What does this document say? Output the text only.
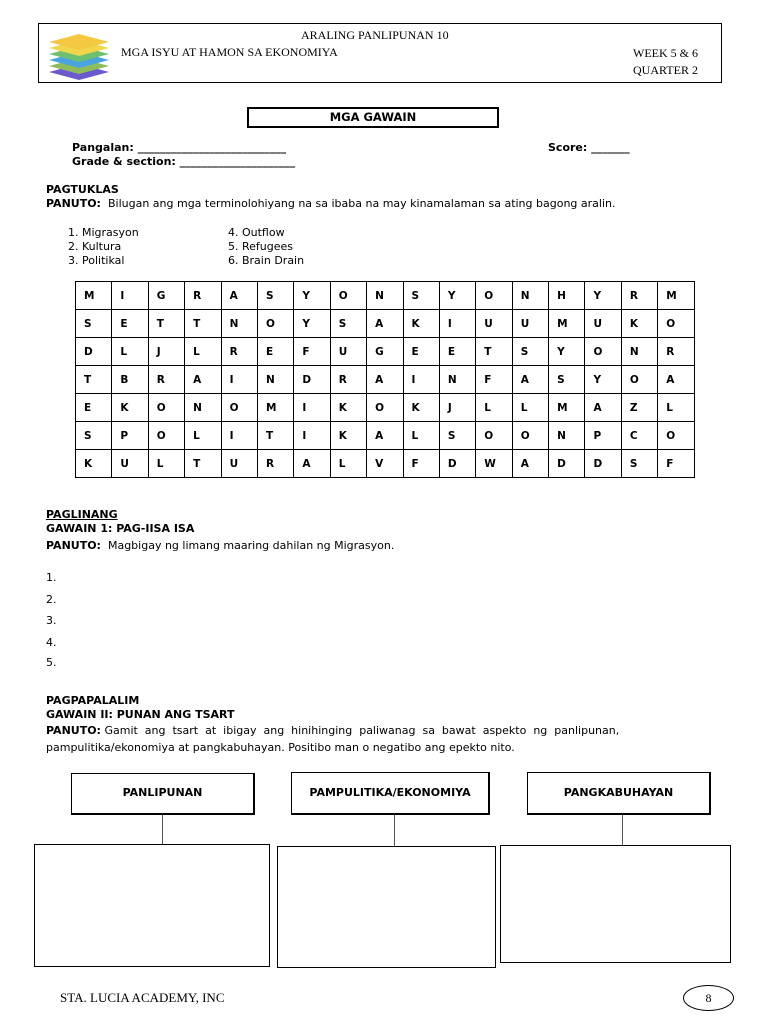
ARALING PANLIPUNAN 10
MGA ISYU AT HAMON SA EKONOMIYA	WEEK 5 & 6
QUARTER 2
MGA GAWAIN
Pangalan: ___________________________
Grade & section: _____________________
Score: _______
PAGTUKLAS
PANUTO: Bilugan ang mga terminolohiyang na sa ibaba na may kinamalaman sa ating bagong aralin.
1. Migrasyon
2. Kultura
3. Politikal
4. Outflow
5. Refugees
6. Brain Drain
M	I	G	R	A	S	Y	O	N	S	Y	O	N	H	Y	R	M
S	E	T	T	N	O	Y	S	A	K	I	U	U	M	U	K	O
D	L	J	L	R	E	F	U	G	E	E	T	S	Y	O	N	R
T	B	R	A	I	N	D	R	A	I	N	F	A	S	Y	O	A
E	K	O	N	O	M	I	K	O	K	J	L	L	M	A	Z	L
S	P	O	L	I	T	I	K	A	L	S	O	O	N	P	C	O
K	U	L	T	U	R	A	L	V	F	D	W	A	D	D	S	F
PAGLINANG
GAWAIN 1: PAG-IISA ISA
PANUTO: Magbigay ng limang maaring dahilan ng Migrasyon.
1.
2.
3.
4.
5.
PAGPAPALALIM
GAWAIN II: PUNAN ANG TSART
PANUTO: Gamit  ang  tsart  at  ibigay  ang  hinihinging  paliwanag  sa  bawat  aspekto  ng  panlipunan,
pampulitika/ekonomiya at pangkabuhayan. Positibo man o negatibo ang epekto nito.
PANLIPUNAN	PAMPULITIKA/EKONOMIYA	PANGKABUHAYAN
STA. LUCIA ACADEMY, INC	8
